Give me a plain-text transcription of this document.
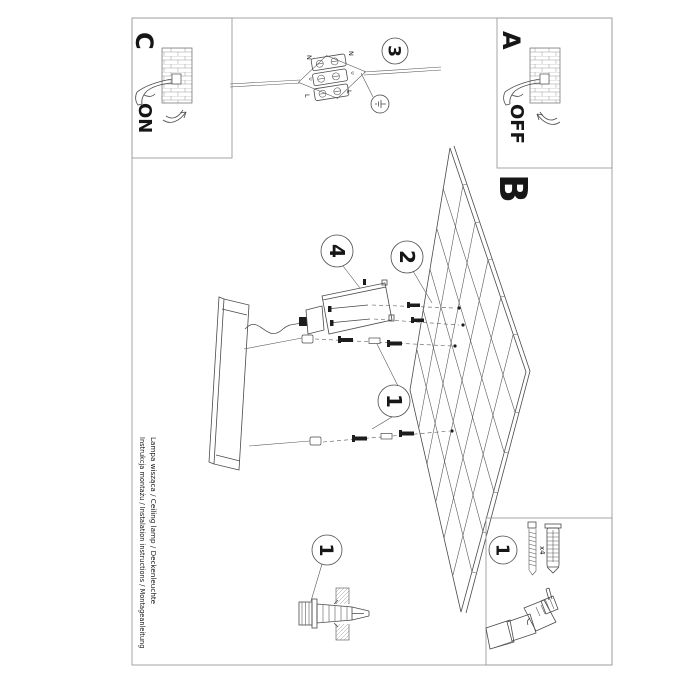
C
ON
A
OFF
3
N
N
L
L
B
4 2
1
1	1	x4
Instrukcja montażu / Instalation instructions / Montageanleitung Lampa wisząca / Ceiling lamp / Deckenleuchte
